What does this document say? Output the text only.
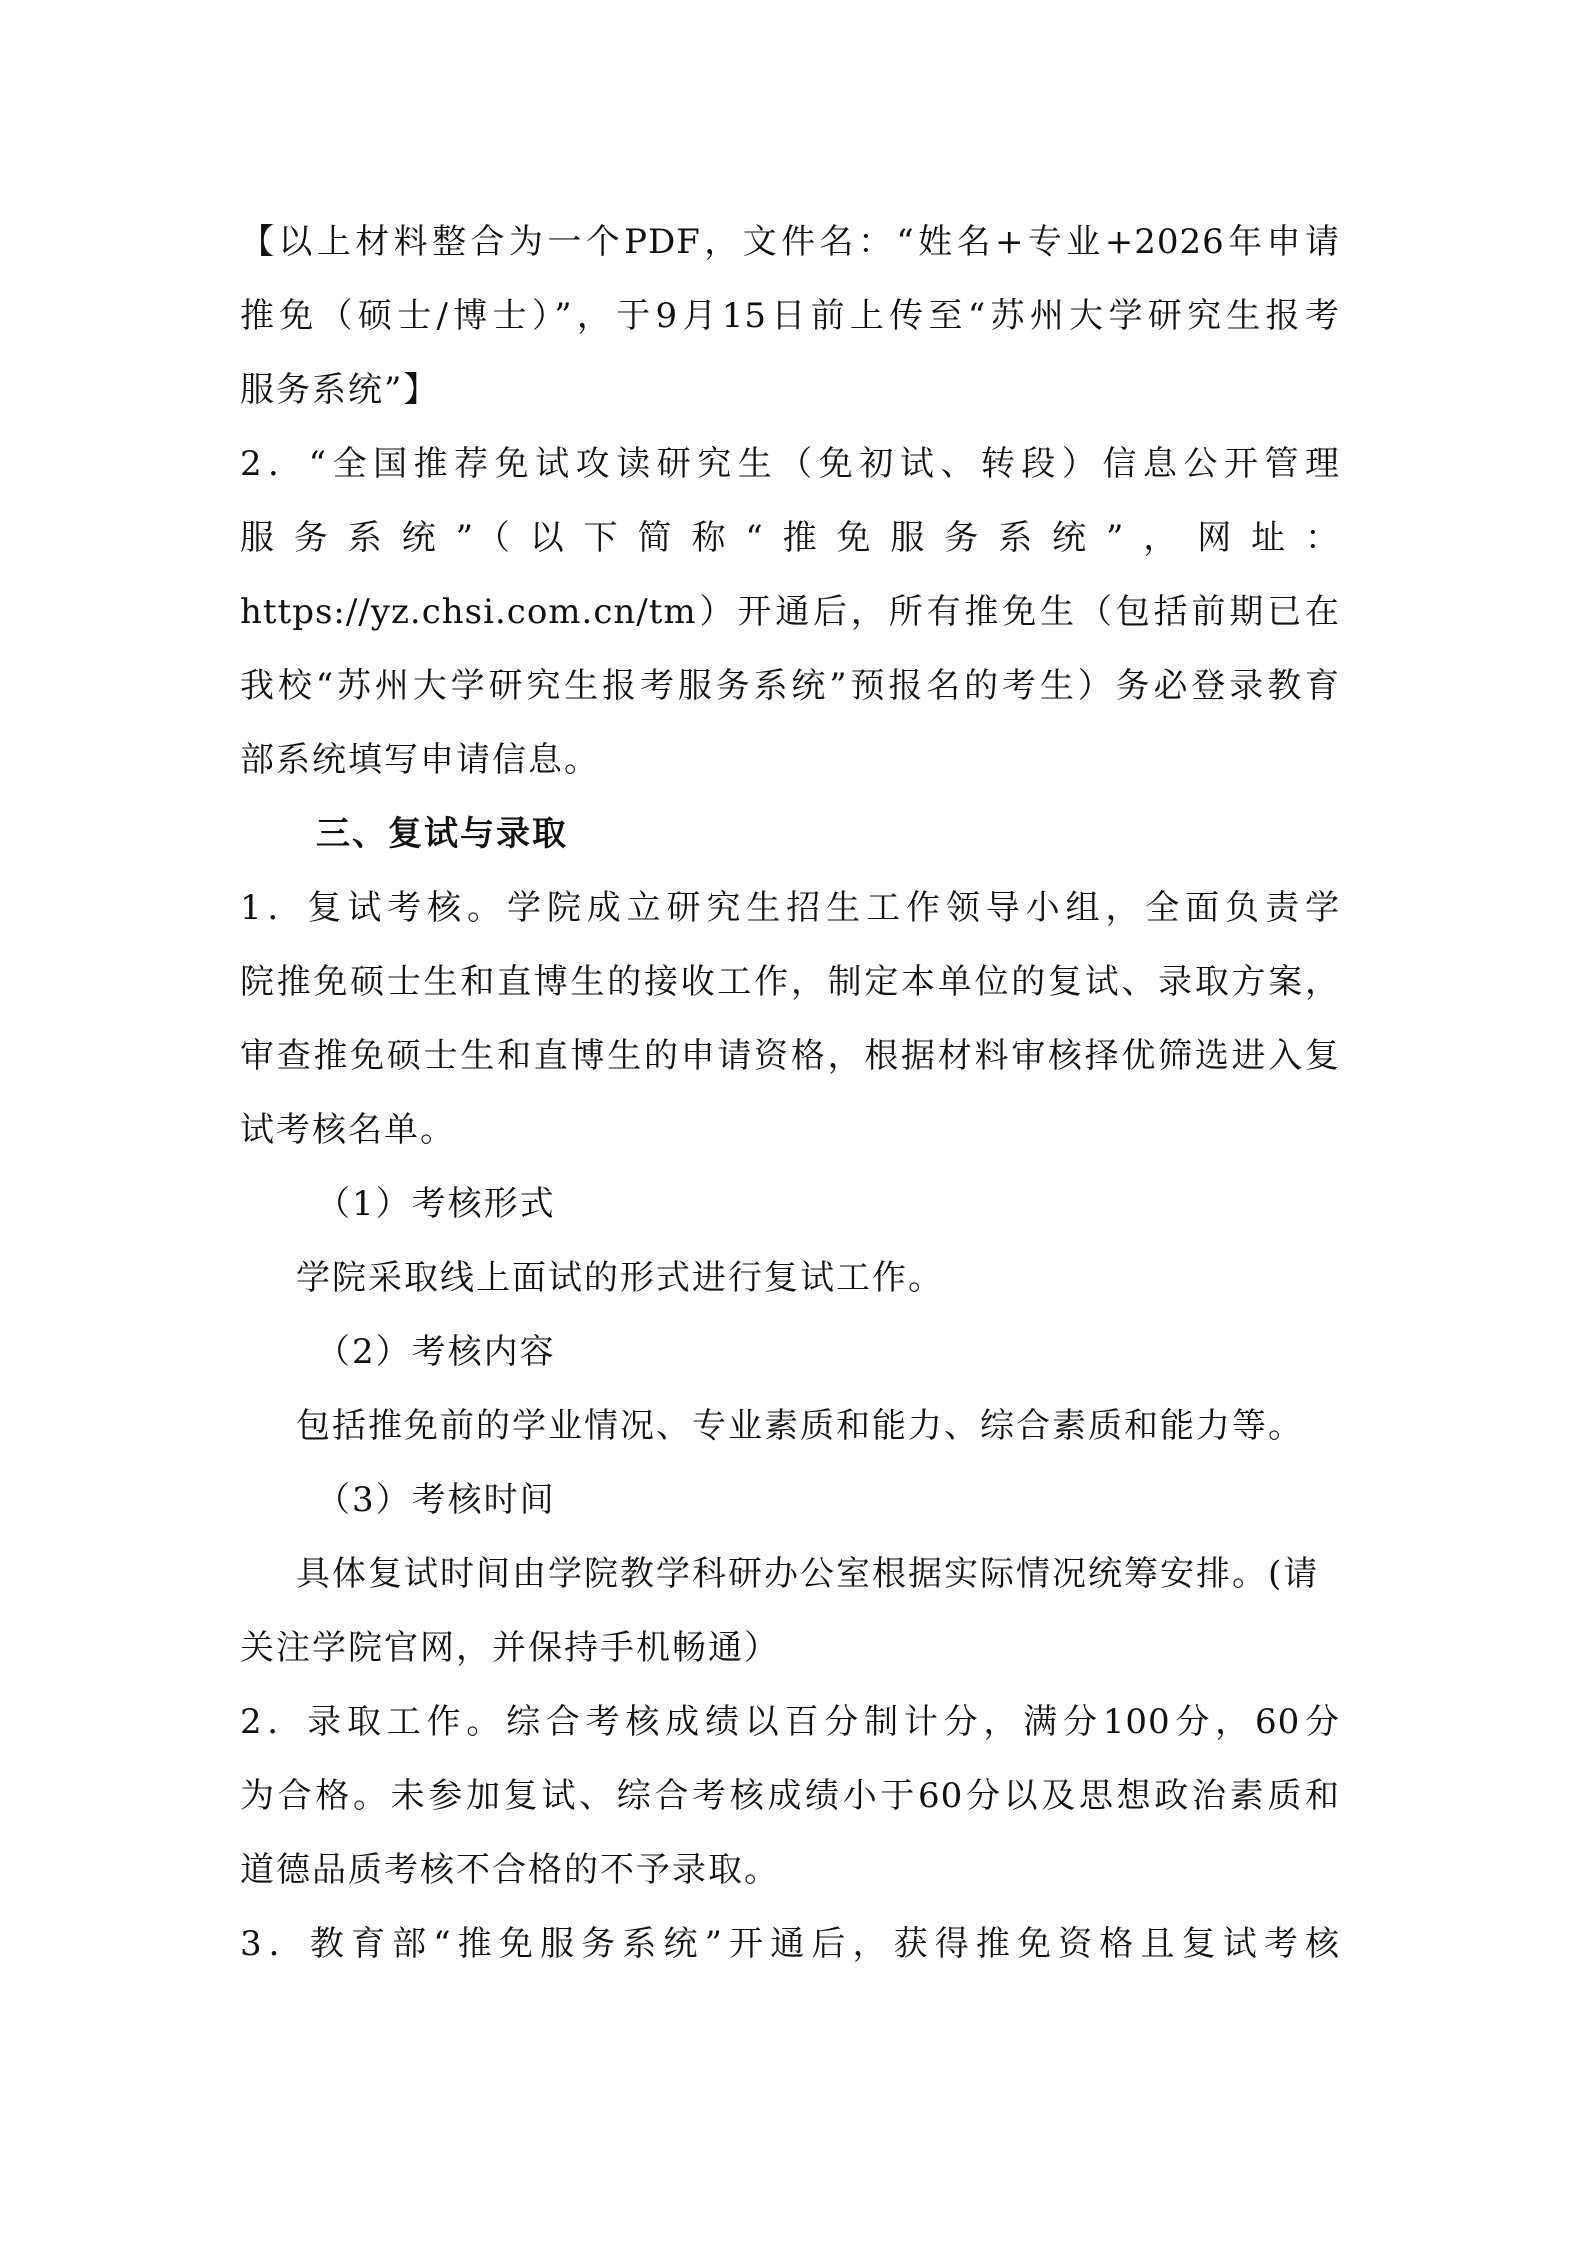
【以上材料整合为一个PDF，文件名：“姓名+专业+2026年申请
推免（硕士/博士）”，于9月15日前上传至“苏州大学研究生报考
服务系统”】
2．“全国推荐免试攻读研究生（免初试、转段）信息公开管理
服务系统”（以下简称“推免服务系统”，网址：
https://yz.chsi.com.cn/tm）开通后，所有推免生（包括前期已在
我校“苏州大学研究生报考服务系统”预报名的考生）务必登录教育
部系统填写申请信息。
三、复试与录取
1．复试考核。学院成立研究生招生工作领导小组，全面负责学
院推免硕士生和直博生的接收工作，制定本单位的复试、录取方案，
审查推免硕士生和直博生的申请资格，根据材料审核择优筛选进入复
试考核名单。
（1）考核形式
学院采取线上面试的形式进行复试工作。
（2）考核内容
包括推免前的学业情况、专业素质和能力、综合素质和能力等。
（3）考核时间
具体复试时间由学院教学科研办公室根据实际情况统筹安排。(请
关注学院官网，并保持手机畅通）
2．录取工作。综合考核成绩以百分制计分，满分100分，60分
为合格。未参加复试、综合考核成绩小于60分以及思想政治素质和
道德品质考核不合格的不予录取。
3．教育部“推免服务系统”开通后，获得推免资格且复试考核
